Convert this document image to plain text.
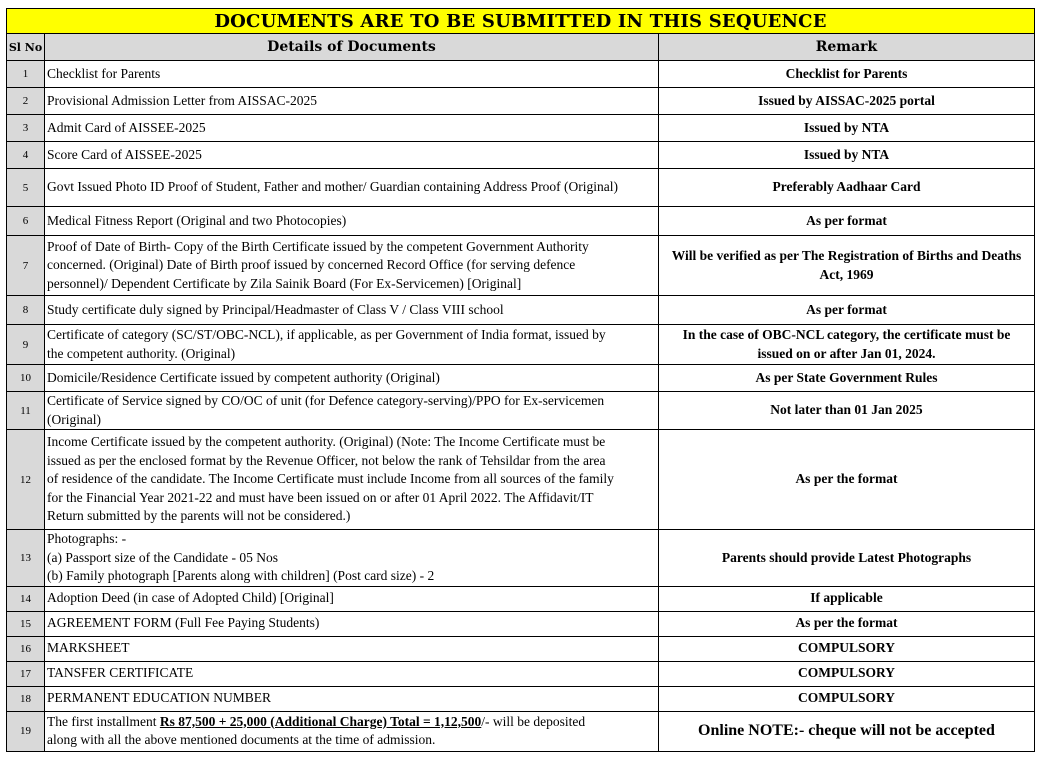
DOCUMENTS ARE TO BE SUBMITTED IN THIS SEQUENCE		
Sl No	Details of Documents	Remark
1	Checklist for Parents	Checklist for Parents
2	Provisional Admission Letter from AISSAC-2025	Issued by AISSAC-2025 portal
3	Admit Card of AISSEE-2025	Issued by NTA
4	Score Card of AISSEE-2025	Issued by NTA
5	Govt Issued Photo ID Proof of Student, Father and mother/ Guardian containing Address Proof (Original)	Preferably Aadhaar Card
6	Medical Fitness Report (Original and two Photocopies)	As per format
7	Proof of Date of Birth- Copy of the Birth Certificate issued by the competent Government Authority
concerned. (Original) Date of Birth proof issued by concerned Record Office (for serving defence
personnel)/ Dependent Certificate by Zila Sainik Board (For Ex-Servicemen) [Original]	Will be verified as per The Registration of Births and Deaths Act, 1969
8	Study certificate duly signed by Principal/Headmaster of Class V / Class VIII school	As per format
9	Certificate of category (SC/ST/OBC-NCL), if applicable, as per Government of India format, issued by
the competent authority. (Original)	In the case of OBC-NCL category, the certificate must be issued on or after Jan 01, 2024.
10	Domicile/Residence Certificate issued by competent authority (Original)	As per State Government Rules
11	Certificate of Service signed by CO/OC of unit (for Defence category-serving)/PPO for Ex-servicemen
(Original)	Not later than 01 Jan 2025
12	Income Certificate issued by the competent authority. (Original) (Note: The Income Certificate must be
issued as per the enclosed format by the Revenue Officer, not below the rank of Tehsildar from the area
of residence of the candidate. The Income Certificate must include Income from all sources of the family
for the Financial Year 2021-22 and must have been issued on or after 01 April 2022. The Affidavit/IT
Return submitted by the parents will not be considered.)	As per the format
13	Photographs: -
(a) Passport size of the Candidate - 05 Nos
(b) Family photograph [Parents along with children] (Post card size) - 2	Parents should provide Latest Photographs
14	Adoption Deed (in case of Adopted Child) [Original]	If applicable
15	AGREEMENT FORM (Full Fee Paying Students)	As per the format
16	MARKSHEET	COMPULSORY
17	TANSFER CERTIFICATE	COMPULSORY
18	PERMANENT EDUCATION NUMBER	COMPULSORY
19	The first installment Rs 87,500 + 25,000 (Additional Charge) Total = 1,12,500/- will be deposited
along with all the above mentioned documents at the time of admission.	Online NOTE:- cheque will not be accepted
